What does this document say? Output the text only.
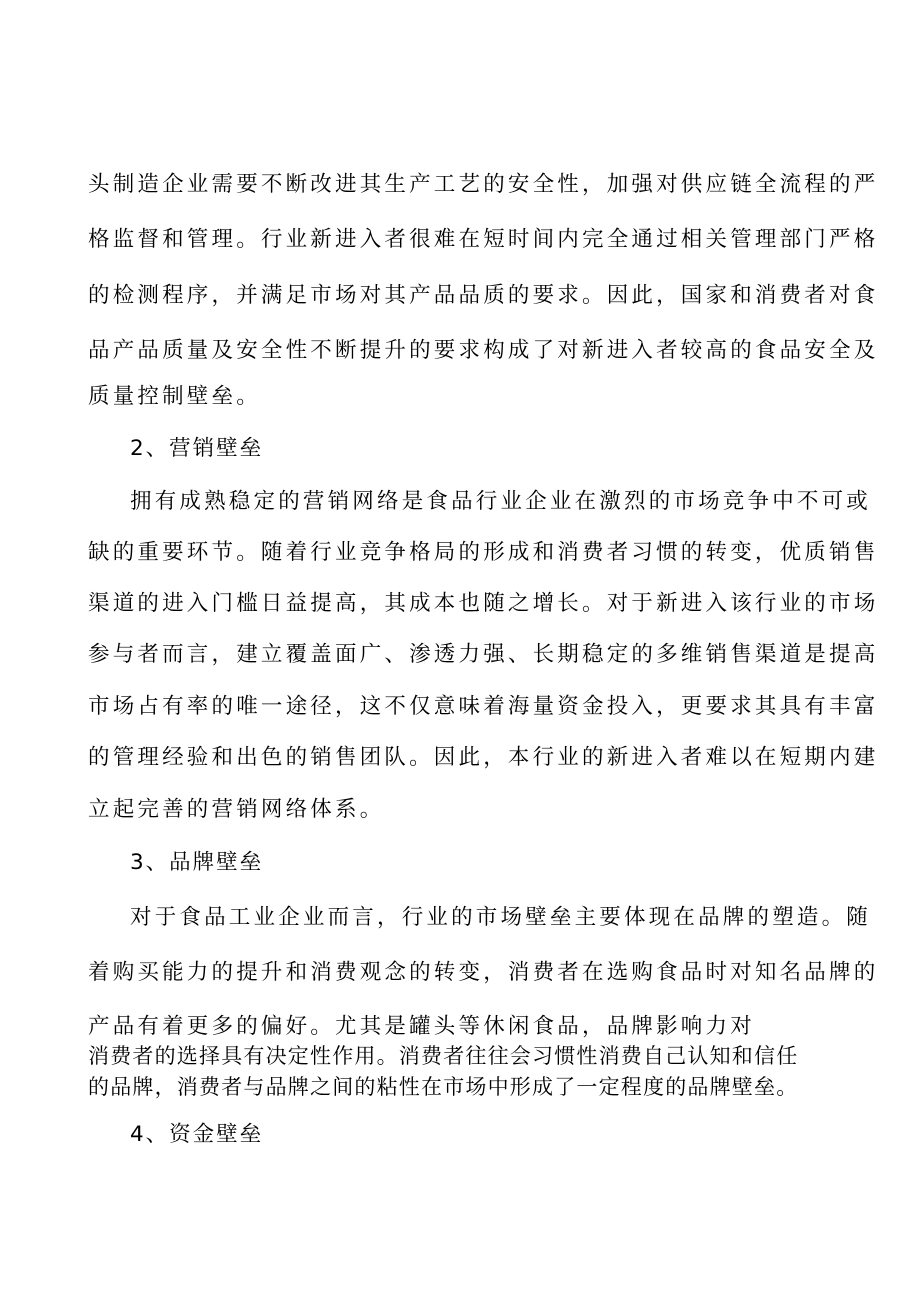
头制造企业需要不断改进其生产工艺的安全性，加强对供应链全流程的严
格监督和管理。行业新进入者很难在短时间内完全通过相关管理部门严格
的检测程序，并满足市场对其产品品质的要求。因此，国家和消费者对食
品产品质量及安全性不断提升的要求构成了对新进入者较高的食品安全及
质量控制壁垒。
2、营销壁垒
拥有成熟稳定的营销网络是食品行业企业在激烈的市场竞争中不可或
缺的重要环节。随着行业竞争格局的形成和消费者习惯的转变，优质销售
渠道的进入门槛日益提高，其成本也随之增长。对于新进入该行业的市场
参与者而言，建立覆盖面广、渗透力强、长期稳定的多维销售渠道是提高
市场占有率的唯一途径，这不仅意味着海量资金投入，更要求其具有丰富
的管理经验和出色的销售团队。因此，本行业的新进入者难以在短期内建
立起完善的营销网络体系。
3、品牌壁垒
对于食品工业企业而言，行业的市场壁垒主要体现在品牌的塑造。随
着购买能力的提升和消费观念的转变，消费者在选购食品时对知名品牌的
产品有着更多的偏好。尤其是罐头等休闲食品，品牌影响力对
消费者的选择具有决定性作用。消费者往往会习惯性消费自己认知和信任
的品牌，消费者与品牌之间的粘性在市场中形成了一定程度的品牌壁垒。
4、资金壁垒
